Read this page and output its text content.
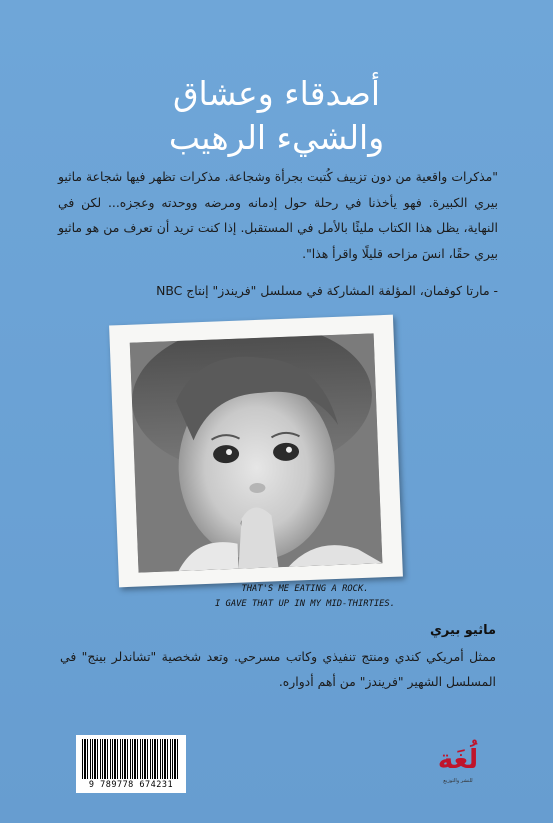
أصدقاء وعشاق
والشيء الرهيب
"مذكرات واقعية من دون تزييف كُتبت بجرأة وشجاعة. مذكرات تظهر فيها شجاعة ماثيو بيري الكبيرة. فهو يأخذنا في رحلة حول إدمانه ومرضه ووحدته وعجزه... لكن في النهاية، يظل هذا الكتاب مليئًا بالأمل في المستقبل. إذا كنت تريد أن تعرف من هو ماثيو بيري حقًا، انسَ مزاحه قليلًا واقرأ هذا".
- مارتا كوفمان، المؤلفة المشاركة في مسلسل "فريندز" إنتاج NBC
THAT'S ME EATING A ROCK.
I GAVE THAT UP IN MY MID-THIRTIES.
ماثيو بيري
ممثل أمريكي كندي ومنتج تنفيذي وكاتب مسرحي. وتعد شخصية "تشاندلر بينج" في المسلسل الشهير "فريندز" من أهم أدواره.
9 789778 674231
لُغَة
للنشر والتوزيع
